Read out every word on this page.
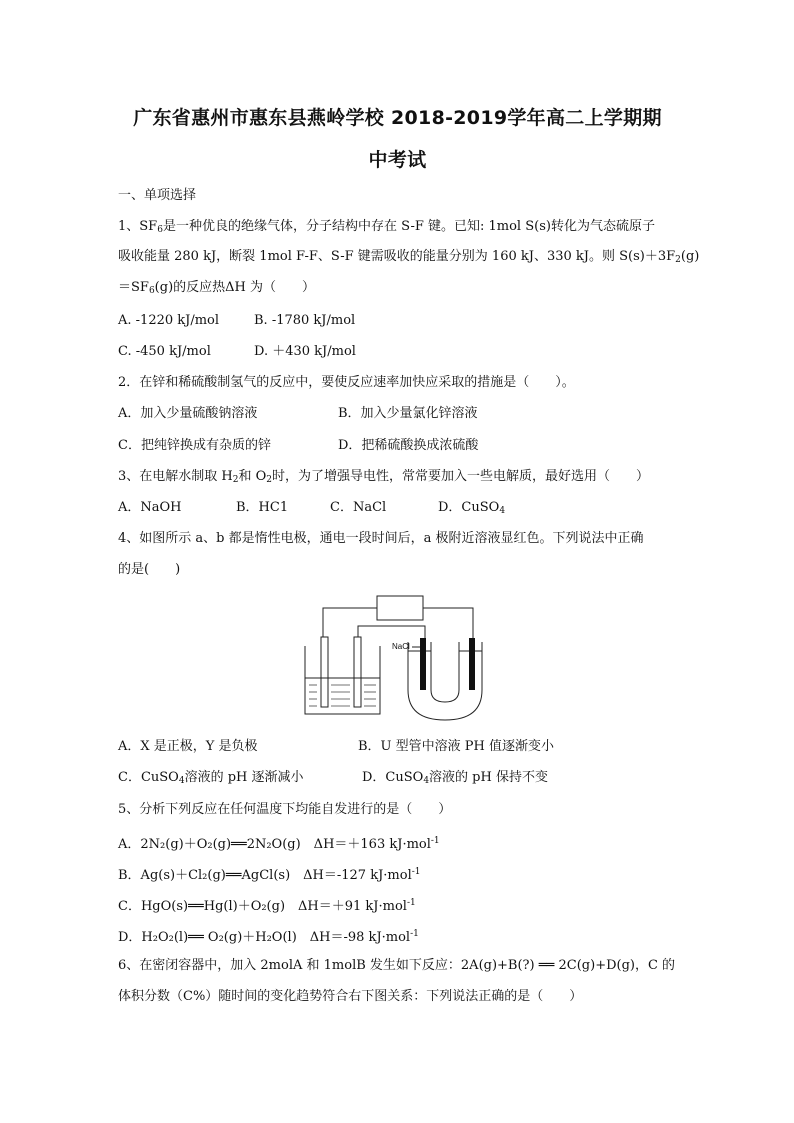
广东省惠州市惠东县燕岭学校 2018-2019学年高二上学期期
中考试
一、单项选择
1、$SF_6$是一种优良的绝缘气体，分子结构中存在 S-F 键。已知: 1mol S(s)转化为气态硫原子
吸收能量 280 kJ，断裂 1mol F-F、S-F 键需吸收的能量分别为 160 kJ、330 kJ。则 $S(s)+3F_2(g)$
$=SF_6(g)$的反应热ΔH 为（　　）
A. -1220 kJ/mol	B. -1780 kJ/mol
C. -450 kJ/mol	D. ＋430 kJ/mol
2．在锌和稀硫酸制氢气的反应中，要使反应速率加快应采取的措施是（　　）。
A．加入少量硫酸钠溶液	B．加入少量氯化锌溶液
C．把纯锌换成有杂质的锌	D．把稀硫酸换成浓硫酸
3、在电解水制取 $H_2$和 $O_2$时，为了增强导电性，常常要加入一些电解质，最好选用（　　）
A．NaOH	B．HC1	C．NaCl	D．CuSO$_4$
4、如图所示 a、b 都是惰性电极，通电一段时间后，a 极附近溶液显红色。下列说法中正确
的是(　　)
NaCl
A．X 是正极，Y 是负极	B．U 型管中溶液 PH 值逐渐变小
C．CuSO$_4$溶液的 pH 逐渐减小	D．CuSO$_4$溶液的 pH 保持不变
5、分析下列反应在任何温度下均能自发进行的是（　　）
A．2N₂(g)＋O₂(g)══2N₂O(g)　ΔH＝＋163 kJ·mol$^{-1}$
B．Ag(s)＋Cl₂(g)══AgCl(s)　ΔH＝-127 kJ·mol$^{-1}$
C．HgO(s)══Hg(l)＋O₂(g)　ΔH＝＋91 kJ·mol$^{-1}$
D．H₂O₂(l)══ O₂(g)＋H₂O(l)　ΔH＝-98 kJ·mol$^{-1}$
6、在密闭容器中，加入 2molA 和 1molB 发生如下反应：2A(g)+B(?) ══ 2C(g)+D(g)，C 的
体积分数（C%）随时间的变化趋势符合右下图关系：下列说法正确的是（　　）
